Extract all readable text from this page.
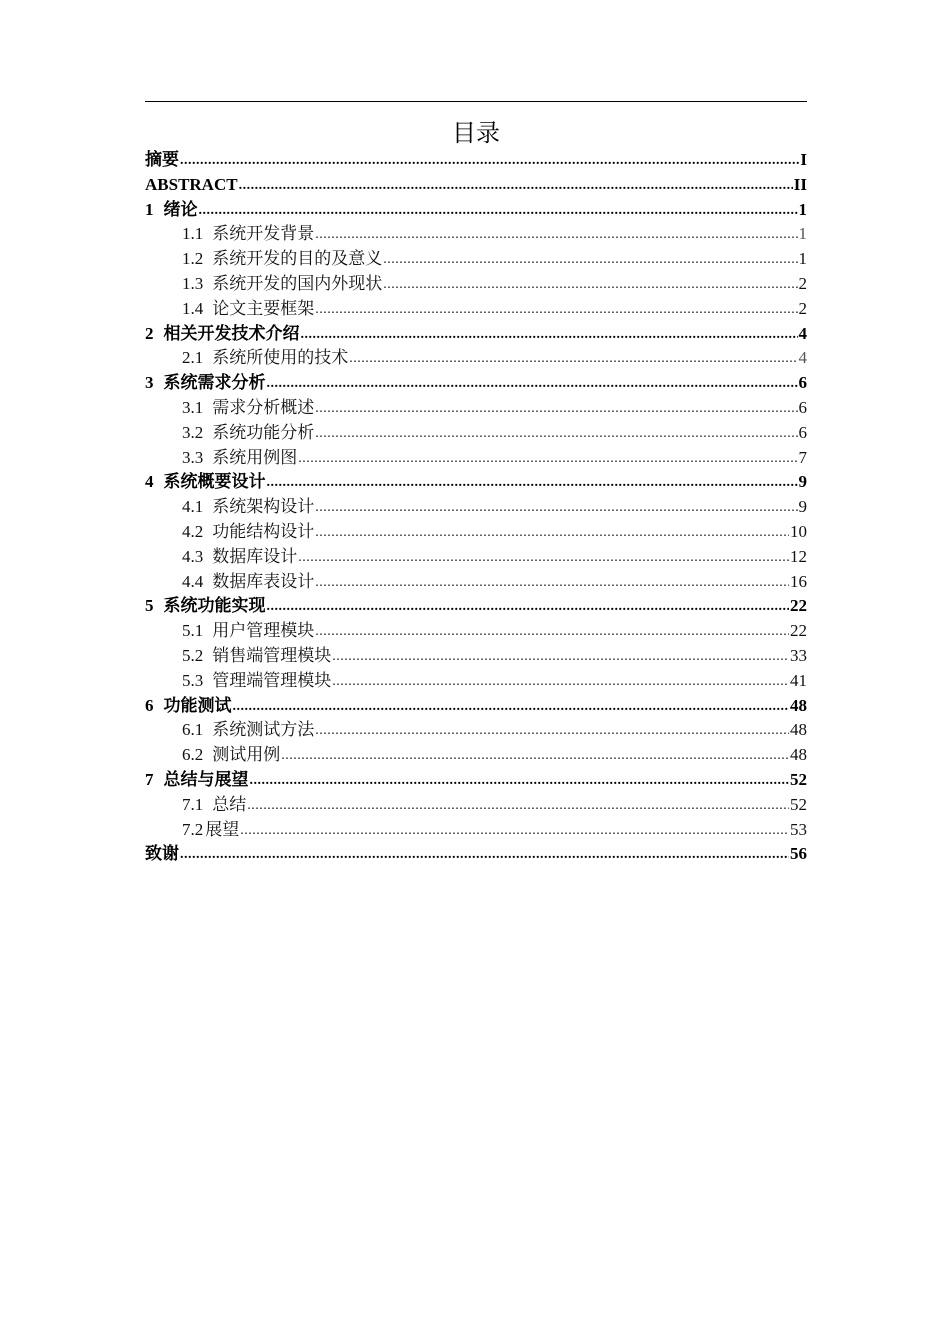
目录
摘要 .....	I
ABSTRACT .....	II
1 绪论 .....	1
1.1 系统开发背景 .....	1
1.2 系统开发的目的及意义 .....	1
1.3 系统开发的国内外现状 .....	2
1.4 论文主要框架 .....	2
2 相关开发技术介绍 .....	4
2.1 系统所使用的技术 .....	4
3 系统需求分析 .....	6
3.1 需求分析概述 .....	6
3.2 系统功能分析 .....	6
3.3 系统用例图 .....	7
4 系统概要设计 .....	9
4.1 系统架构设计 .....	9
4.2 功能结构设计 .....	10
4.3 数据库设计 .....	12
4.4 数据库表设计 .....	16
5 系统功能实现 .....	22
5.1 用户管理模块 .....	22
5.2 销售端管理模块 .....	33
5.3 管理端管理模块 .....	41
6 功能测试 .....	48
6.1 系统测试方法 .....	48
6.2 测试用例 .....	48
7 总结与展望 .....	52
7.1 总结 .....	52
7.2 展望 .....	53
致谢 .....	56
